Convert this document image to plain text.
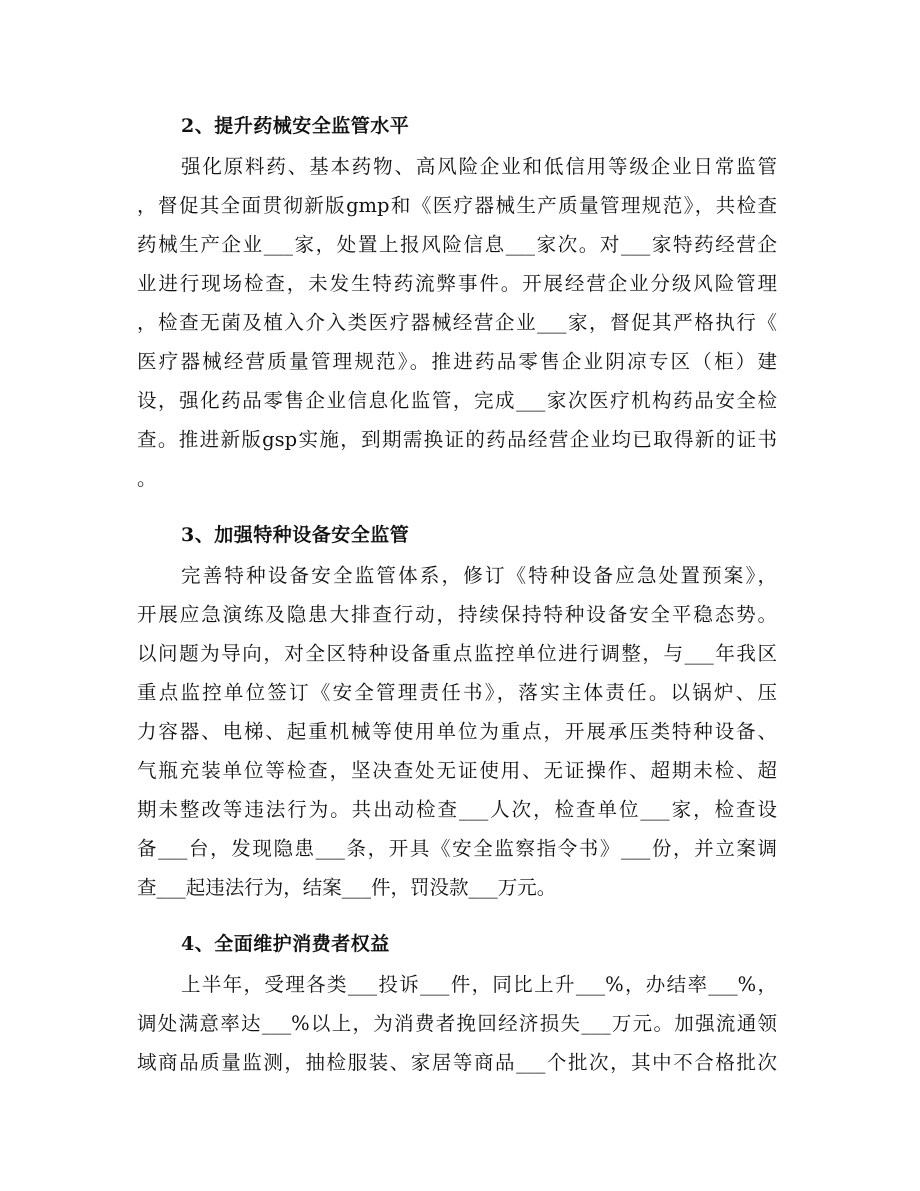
2、提升药械安全监管水平
强化原料药、基本药物、高风险企业和低信用等级企业日常监管
，督促其全面贯彻新版gmp和《医疗器械生产质量管理规范》，共检查
药械生产企业___家，处置上报风险信息___家次。对___家特药经营企
业进行现场检查，未发生特药流弊事件。开展经营企业分级风险管理
，检查无菌及植入介入类医疗器械经营企业___家，督促其严格执行《
医疗器械经营质量管理规范》。推进药品零售企业阴凉专区（柜）建
设，强化药品零售企业信息化监管，完成___家次医疗机构药品安全检
查。推进新版gsp实施，到期需换证的药品经营企业均已取得新的证书
。
3、加强特种设备安全监管
完善特种设备安全监管体系，修订《特种设备应急处置预案》，
开展应急演练及隐患大排查行动，持续保持特种设备安全平稳态势。
以问题为导向，对全区特种设备重点监控单位进行调整，与___年我区
重点监控单位签订《安全管理责任书》，落实主体责任。以锅炉、压
力容器、电梯、起重机械等使用单位为重点，开展承压类特种设备、
气瓶充装单位等检查，坚决查处无证使用、无证操作、超期未检、超
期未整改等违法行为。共出动检查___人次，检查单位___家，检查设
备___台，发现隐患___条，开具《安全监察指令书》___份，并立案调
查___起违法行为，结案___件，罚没款___万元。
4、全面维护消费者权益
上半年，受理各类___投诉___件，同比上升___%，办结率___%，
调处满意率达___%以上，为消费者挽回经济损失___万元。加强流通领
域商品质量监测，抽检服装、家居等商品___个批次，其中不合格批次
